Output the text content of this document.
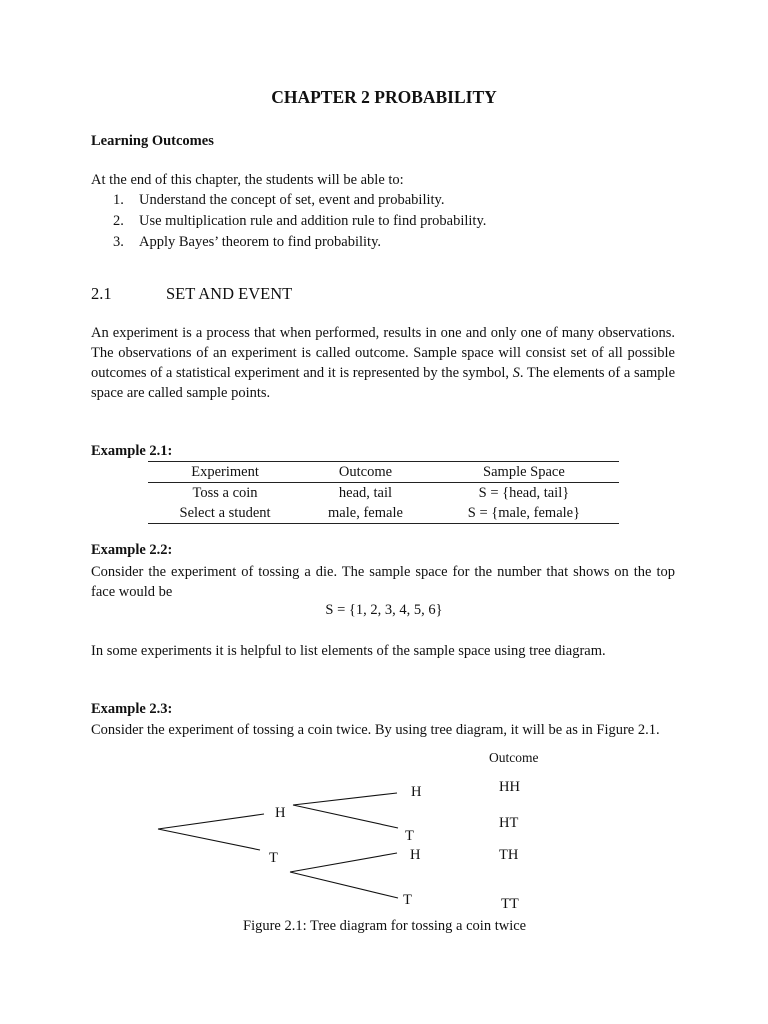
CHAPTER 2 PROBABILITY
Learning Outcomes
At the end of this chapter, the students will be able to:
1. Understand the concept of set, event and probability.
2. Use multiplication rule and addition rule to find probability.
3. Apply Bayes’ theorem to find probability.
2.1	SET AND EVENT
An experiment is a process that when performed, results in one and only one of many observations. The observations of an experiment is called outcome. Sample space will consist set of all possible outcomes of a statistical experiment and it is represented by the symbol, S. The elements of a sample space are called sample points.
Example 2.1:
Experiment	Outcome	Sample Space
Toss a coin	head, tail	S = {head, tail}
Select a student	male, female	S = {male, female}
Example 2.2:
Consider the experiment of tossing a die. The sample space for the number that shows on the top face would be
S = {1, 2, 3, 4, 5, 6}
In some experiments it is helpful to list elements of the sample space using tree diagram.
Example 2.3:
Consider the experiment of tossing a coin twice. By using tree diagram, it will be as in Figure 2.1.
Outcome
H
T
H
T
H
T
HH
HT
TH
TT
Figure 2.1: Tree diagram for tossing a coin twice
